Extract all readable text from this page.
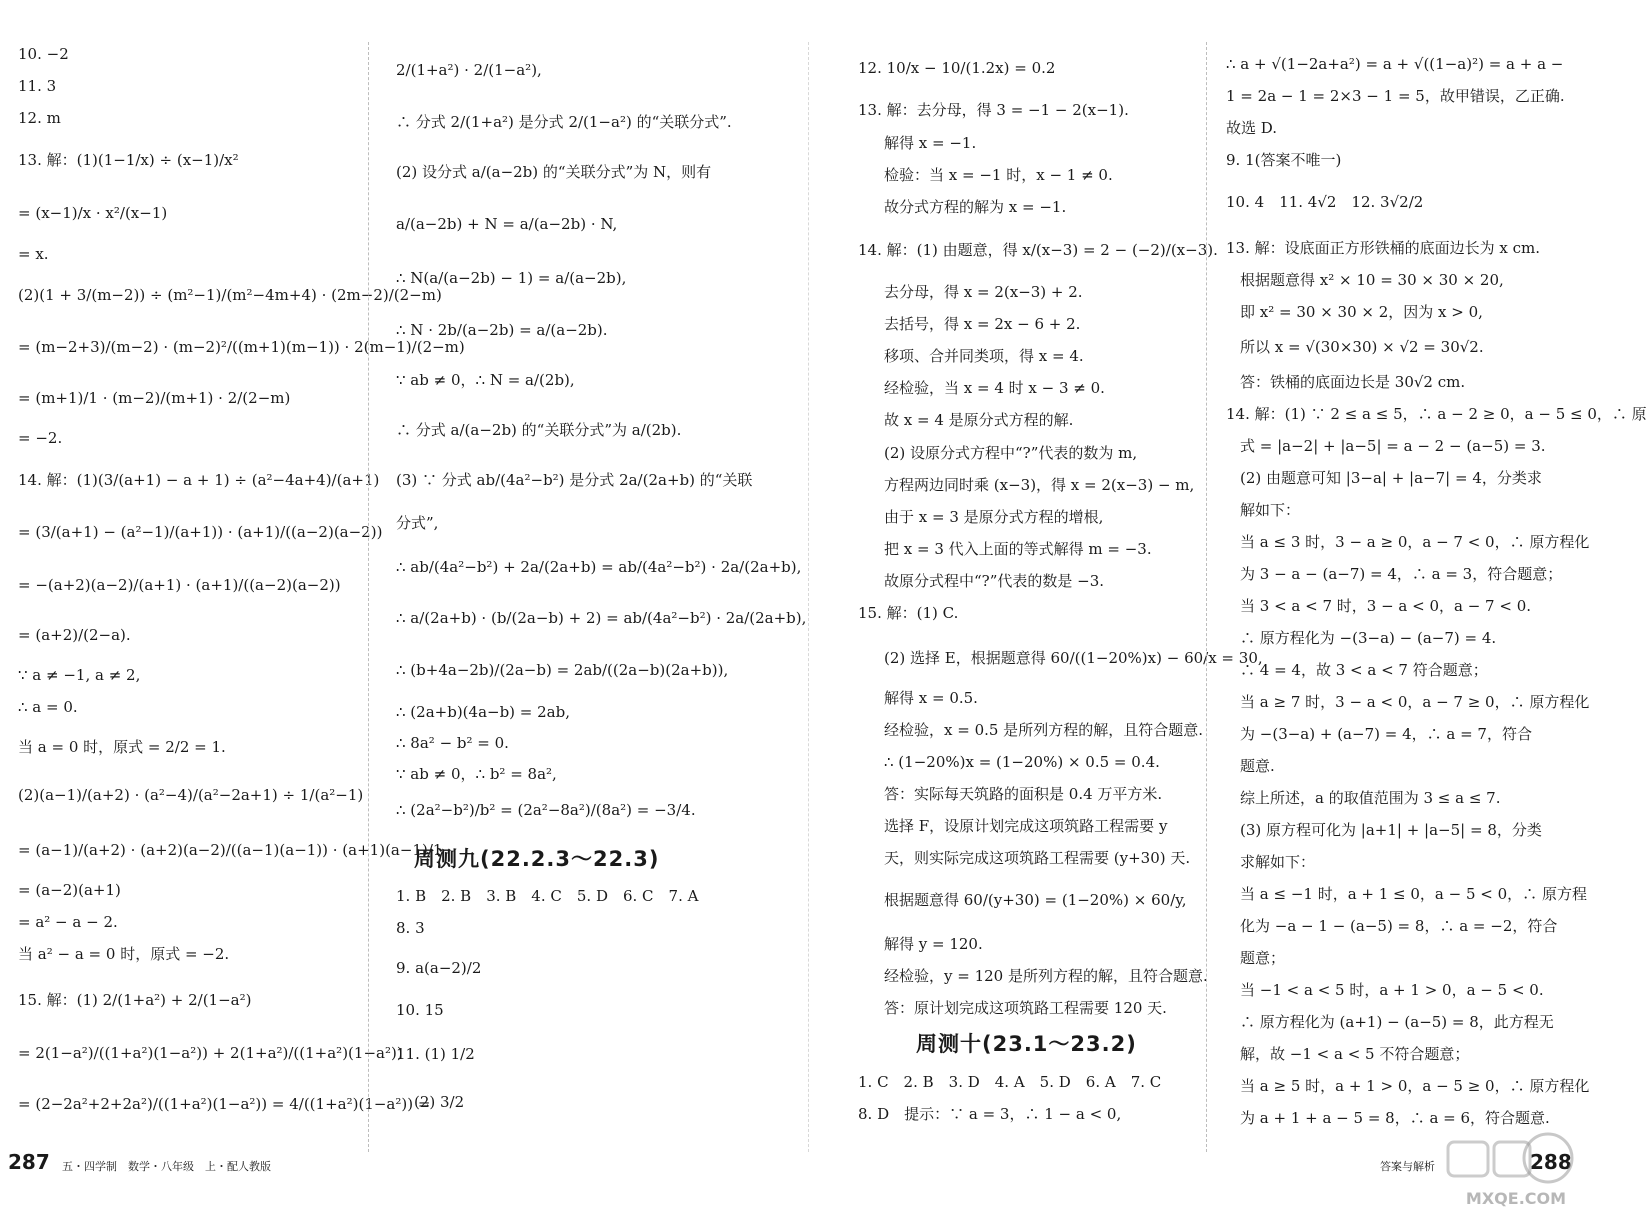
10. −2
11. 3
12. m
13. 解：(1)(1−1/x) ÷ (x−1)/x²
= (x−1)/x · x²/(x−1)
= x.
(2)(1 + 3/(m−2)) ÷ (m²−1)/(m²−4m+4) · (2m−2)/(2−m)
= (m−2+3)/(m−2) · (m−2)²/((m+1)(m−1)) · 2(m−1)/(2−m)
= (m+1)/1 · (m−2)/(m+1) · 2/(2−m)
= −2.
14. 解：(1)(3/(a+1) − a + 1) ÷ (a²−4a+4)/(a+1)
= (3/(a+1) − (a²−1)/(a+1)) · (a+1)/((a−2)(a−2))
= −(a+2)(a−2)/(a+1) · (a+1)/((a−2)(a−2))
= (a+2)/(2−a).
∵ a ≠ −1, a ≠ 2,
∴ a = 0.
当 a = 0 时，原式 = 2/2 = 1.
(2)(a−1)/(a+2) · (a²−4)/(a²−2a+1) ÷ 1/(a²−1)
= (a−1)/(a+2) · (a+2)(a−2)/((a−1)(a−1)) · (a+1)(a−1)/1
= (a−2)(a+1)
= a² − a − 2.
当 a² − a = 0 时，原式 = −2.
15. 解：(1) 2/(1+a²) + 2/(1−a²)
= 2(1−a²)/((1+a²)(1−a²)) + 2(1+a²)/((1+a²)(1−a²))
= (2−2a²+2+2a²)/((1+a²)(1−a²)) = 4/((1+a²)(1−a²)) =
2/(1+a²) · 2/(1−a²),
∴ 分式 2/(1+a²) 是分式 2/(1−a²) 的“关联分式”.
(2) 设分式 a/(a−2b) 的“关联分式”为 N，则有
a/(a−2b) + N = a/(a−2b) · N,
∴ N(a/(a−2b) − 1) = a/(a−2b),
∴ N · 2b/(a−2b) = a/(a−2b).
∵ ab ≠ 0，∴ N = a/(2b),
∴ 分式 a/(a−2b) 的“关联分式”为 a/(2b).
(3) ∵ 分式 ab/(4a²−b²) 是分式 2a/(2a+b) 的“关联
分式”,
∴ ab/(4a²−b²) + 2a/(2a+b) = ab/(4a²−b²) · 2a/(2a+b),
∴ a/(2a+b) · (b/(2a−b) + 2) = ab/(4a²−b²) · 2a/(2a+b),
∴ (b+4a−2b)/(2a−b) = 2ab/((2a−b)(2a+b)),
∴ (2a+b)(4a−b) = 2ab,
∴ 8a² − b² = 0.
∵ ab ≠ 0，∴ b² = 8a²,
∴ (2a²−b²)/b² = (2a²−8a²)/(8a²) = −3/4.
周测九(22.2.3～22.3)
1. B　2. B　3. B　4. C　5. D　6. C　7. A
8. 3
9. a(a−2)/2
10. 15
11. (1) 1/2
(2) 3/2
12. 10/x − 10/(1.2x) = 0.2
13. 解：去分母，得 3 = −1 − 2(x−1).
解得 x = −1.
检验：当 x = −1 时，x − 1 ≠ 0.
故分式方程的解为 x = −1.
14. 解：(1) 由题意，得 x/(x−3) = 2 − (−2)/(x−3).
去分母，得 x = 2(x−3) + 2.
去括号，得 x = 2x − 6 + 2.
移项、合并同类项，得 x = 4.
经检验，当 x = 4 时 x − 3 ≠ 0.
故 x = 4 是原分式方程的解.
(2) 设原分式方程中“?”代表的数为 m,
方程两边同时乘 (x−3)，得 x = 2(x−3) − m,
由于 x = 3 是原分式方程的增根,
把 x = 3 代入上面的等式解得 m = −3.
故原分式程中“?”代表的数是 −3.
15. 解：(1) C.
(2) 选择 E，根据题意得 60/((1−20%)x) − 60/x = 30,
解得 x = 0.5.
经检验，x = 0.5 是所列方程的解，且符合题意.
∴ (1−20%)x = (1−20%) × 0.5 = 0.4.
答：实际每天筑路的面积是 0.4 万平方米.
选择 F，设原计划完成这项筑路工程需要 y
天，则实际完成这项筑路工程需要 (y+30) 天.
根据题意得 60/(y+30) = (1−20%) × 60/y,
解得 y = 120.
经检验，y = 120 是所列方程的解，且符合题意.
答：原计划完成这项筑路工程需要 120 天.
周测十(23.1～23.2)
1. C　2. B　3. D　4. A　5. D　6. A　7. C
8. D　提示：∵ a = 3，∴ 1 − a < 0,
∴ a + √(1−2a+a²) = a + √((1−a)²) = a + a −
1 = 2a − 1 = 2×3 − 1 = 5，故甲错误，乙正确.
故选 D.
9. 1(答案不唯一)
10. 4　11. 4√2　12. 3√2/2
13. 解：设底面正方形铁桶的底面边长为 x cm.
根据题意得 x² × 10 = 30 × 30 × 20,
即 x² = 30 × 30 × 2，因为 x > 0,
所以 x = √(30×30) × √2 = 30√2.
答：铁桶的底面边长是 30√2 cm.
14. 解：(1) ∵ 2 ≤ a ≤ 5，∴ a − 2 ≥ 0，a − 5 ≤ 0，∴ 原
式 = |a−2| + |a−5| = a − 2 − (a−5) = 3.
(2) 由题意可知 |3−a| + |a−7| = 4，分类求
解如下：
当 a ≤ 3 时，3 − a ≥ 0，a − 7 < 0，∴ 原方程化
为 3 − a − (a−7) = 4，∴ a = 3，符合题意；
当 3 < a < 7 时，3 − a < 0，a − 7 < 0.
∴ 原方程化为 −(3−a) − (a−7) = 4.
∴ 4 = 4，故 3 < a < 7 符合题意；
当 a ≥ 7 时，3 − a < 0，a − 7 ≥ 0，∴ 原方程化
为 −(3−a) + (a−7) = 4，∴ a = 7，符合
题意.
综上所述，a 的取值范围为 3 ≤ a ≤ 7.
(3) 原方程可化为 |a+1| + |a−5| = 8，分类
求解如下：
当 a ≤ −1 时，a + 1 ≤ 0，a − 5 < 0，∴ 原方程
化为 −a − 1 − (a−5) = 8，∴ a = −2，符合
题意；
当 −1 < a < 5 时，a + 1 > 0，a − 5 < 0.
∴ 原方程化为 (a+1) − (a−5) = 8，此方程无
解，故 −1 < a < 5 不符合题意；
当 a ≥ 5 时，a + 1 > 0，a − 5 ≥ 0，∴ 原方程化
为 a + 1 + a − 5 = 8，∴ a = 6，符合题意.
287 五・四学制　数学・八年级　上・配人教版	答案与解析	288
MXQE.COM
